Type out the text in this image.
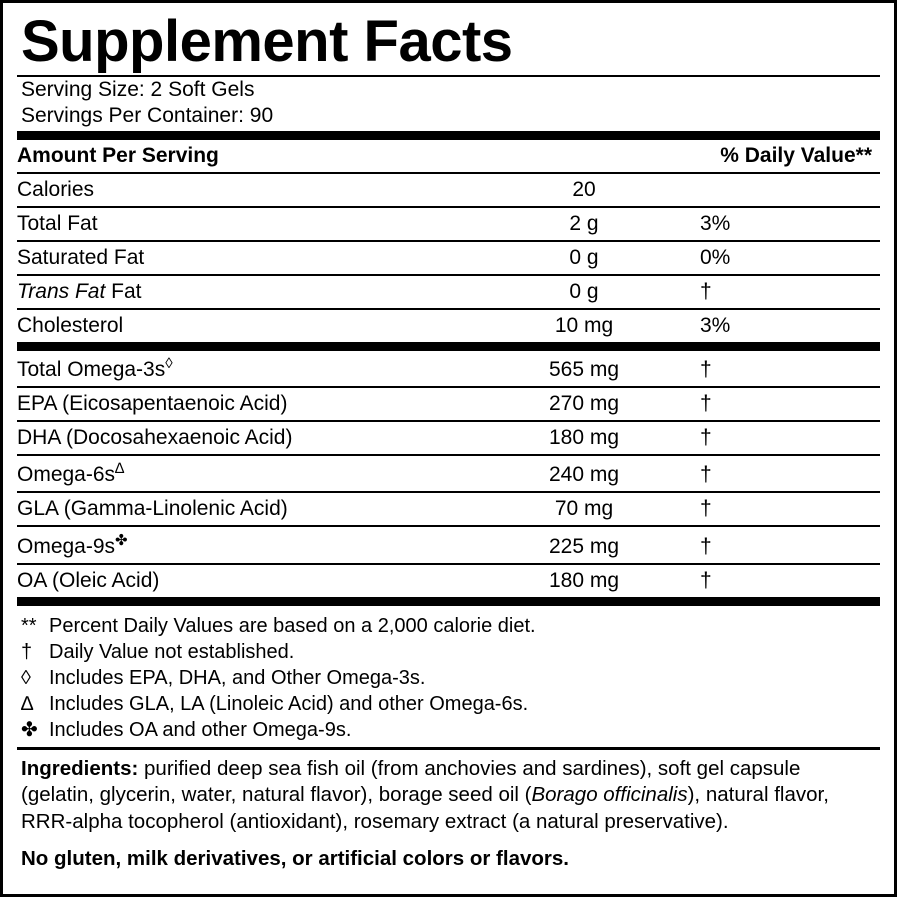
Supplement Facts
Serving Size: 2 Soft Gels
Servings Per Container: 90
Amount Per Serving		% Daily Value**
Calories	20	
Total Fat	2 g	3%
Saturated Fat	0 g	0%
Trans Fat Fat	0 g	†
Cholesterol	10 mg	3%
Total Omega-3s◊	565 mg	†
EPA (Eicosapentaenoic Acid)	270 mg	†
DHA (Docosahexaenoic Acid)	180 mg	†
Omega-6s∆	240 mg	†
GLA (Gamma-Linolenic Acid)	70 mg	†
Omega-9s✤	225 mg	†
OA (Oleic Acid)	180 mg	†
** Percent Daily Values are based on a 2,000 calorie diet.
† Daily Value not established.
◊ Includes EPA, DHA, and Other Omega-3s.
∆ Includes GLA, LA (Linoleic Acid) and other Omega-6s.
✤ Includes OA and other Omega-9s.
Ingredients: purified deep sea fish oil (from anchovies and sardines), soft gel capsule (gelatin, glycerin, water, natural flavor), borage seed oil (Borago officinalis), natural flavor, RRR-alpha tocopherol (antioxidant), rosemary extract (a natural preservative).
No gluten, milk derivatives, or artificial colors or flavors.
